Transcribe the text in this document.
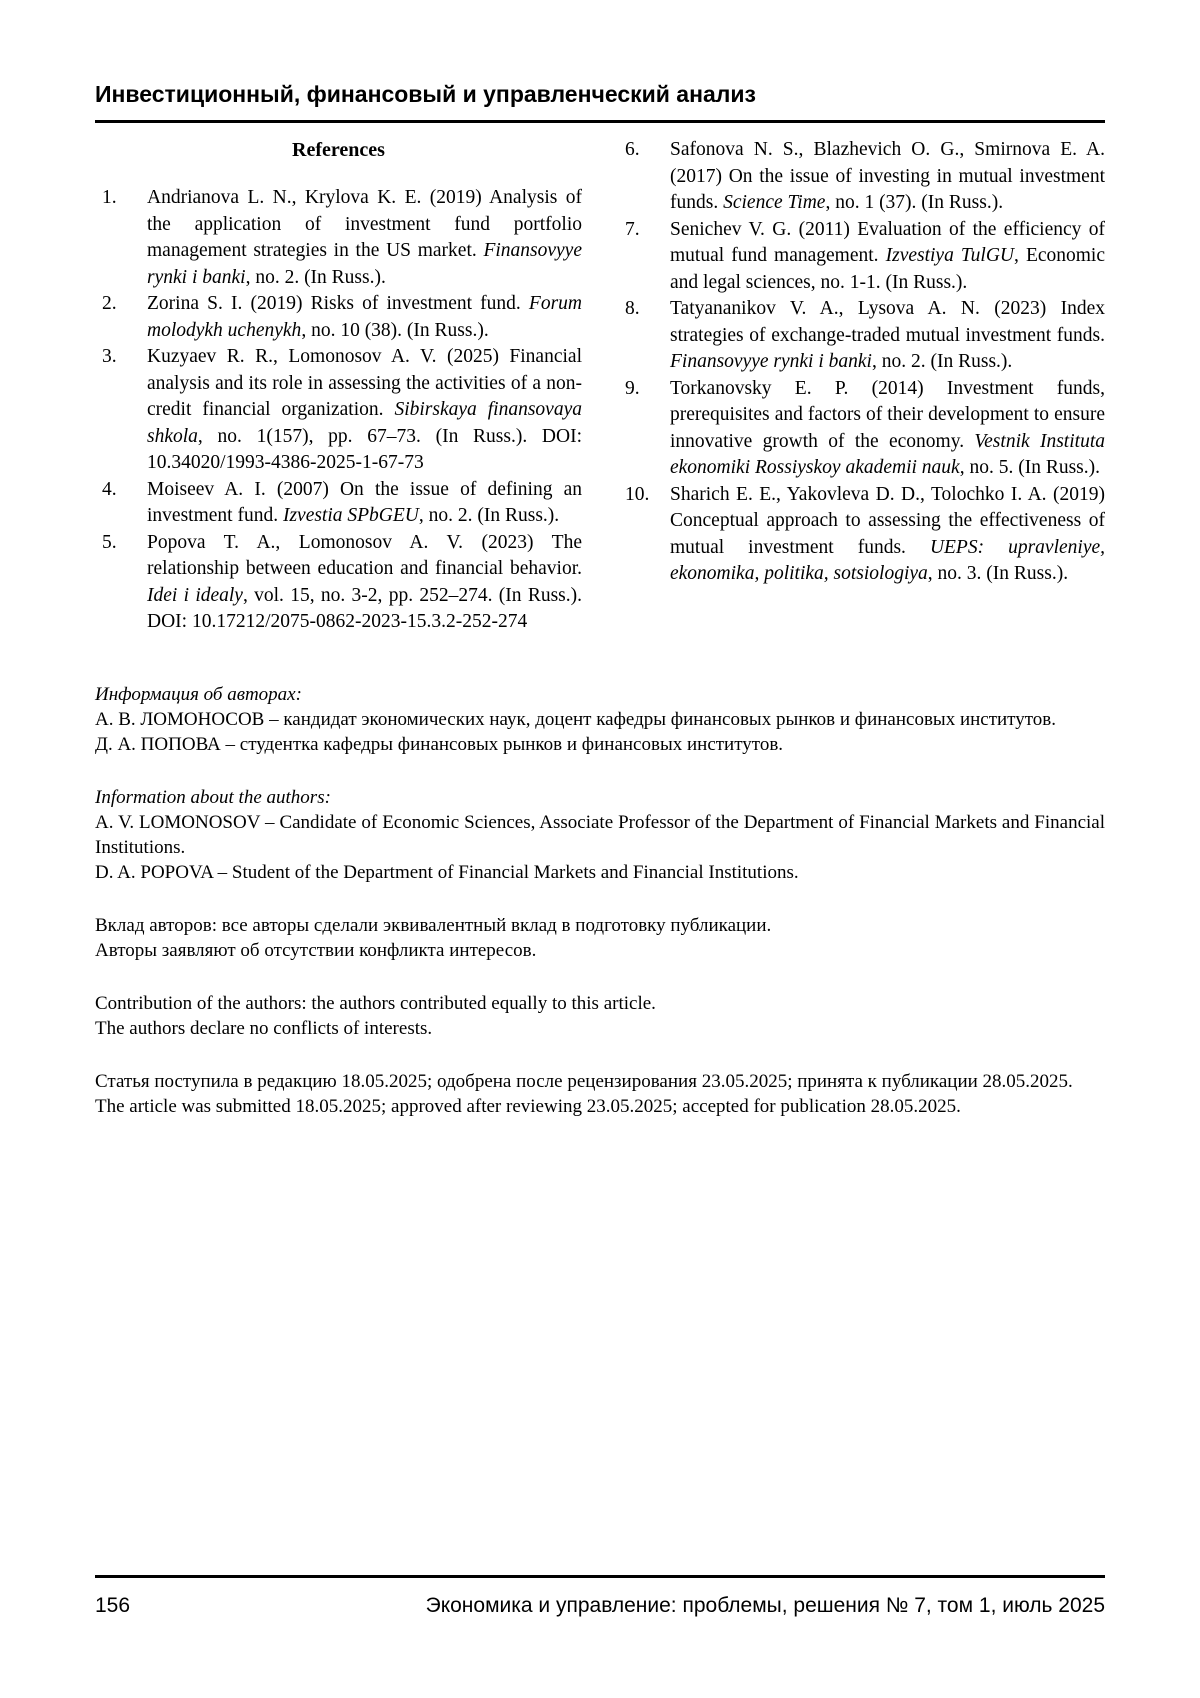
Инвестиционный, финансовый и управленческий анализ
References
1.	Andrianova L. N., Krylova K. E. (2019) Analysis of the application of investment fund portfolio management strategies in the US market. Finansovyye rynki i banki, no. 2. (In Russ.).
2.	Zorina S. I. (2019) Risks of investment fund. Forum molodykh uchenykh, no. 10 (38). (In Russ.).
3.	Kuzyaev R. R., Lomonosov A. V. (2025) Financial analysis and its role in assessing the activities of a non-credit financial organization. Sibirskaya finansovaya shkola, no. 1(157), pp. 67–73. (In Russ.). DOI: 10.34020/1993-4386-2025-1-67-73
4.	Moiseev A. I. (2007) On the issue of defining an investment fund. Izvestia SPbGEU, no. 2. (In Russ.).
5.	Popova T. A., Lomonosov A. V. (2023) The relationship between education and financial behavior. Idei i idealy, vol. 15, no. 3-2, pp. 252–274. (In Russ.). DOI: 10.17212/2075-0862-2023-15.3.2-252-274
6.	Safonova N. S., Blazhevich O. G., Smirnova E. A. (2017) On the issue of investing in mutual investment funds. Science Time, no. 1 (37). (In Russ.).
7.	Senichev V. G. (2011) Evaluation of the efficiency of mutual fund management. Izvestiya TulGU, Economic and legal sciences, no. 1-1. (In Russ.).
8.	Tatyananikov V. A., Lysova A. N. (2023) Index strategies of exchange-traded mutual investment funds. Finansovyye rynki i banki, no. 2. (In Russ.).
9.	Torkanovsky E. P. (2014) Investment funds, prerequisites and factors of their development to ensure innovative growth of the economy. Vestnik Instituta ekonomiki Rossiyskoy akademii nauk, no. 5. (In Russ.).
10.	Sharich E. E., Yakovleva D. D., Tolochko I. A. (2019) Conceptual approach to assessing the effectiveness of mutual investment funds. UEPS: upravleniye, ekonomika, politika, sotsiologiya, no. 3. (In Russ.).

Информация об авторах:

А. В. ЛОМОНОСОВ – кандидат экономических наук, доцент кафедры финансовых рынков и финансовых институтов.

Д. А. ПОПОВА – студентка кафедры финансовых рынков и финансовых институтов.

Information about the authors:

A. V. LOMONOSOV – Candidate of Economic Sciences, Associate Professor of the Department of Financial Markets and Financial Institutions.

D. A. POPOVA – Student of the Department of Financial Markets and Financial Institutions.

Вклад авторов: все авторы сделали эквивалентный вклад в подготовку публикации.

Авторы заявляют об отсутствии конфликта интересов.

Contribution of the authors: the authors contributed equally to this article.

The authors declare no conflicts of interests.

Статья поступила в редакцию 18.05.2025; одобрена после рецензирования 23.05.2025; принята к публикации 28.05.2025.

The article was submitted 18.05.2025; approved after reviewing 23.05.2025; accepted for publication 28.05.2025.

156	Экономика и управление: проблемы, решения № 7, том 1, июль 2025
